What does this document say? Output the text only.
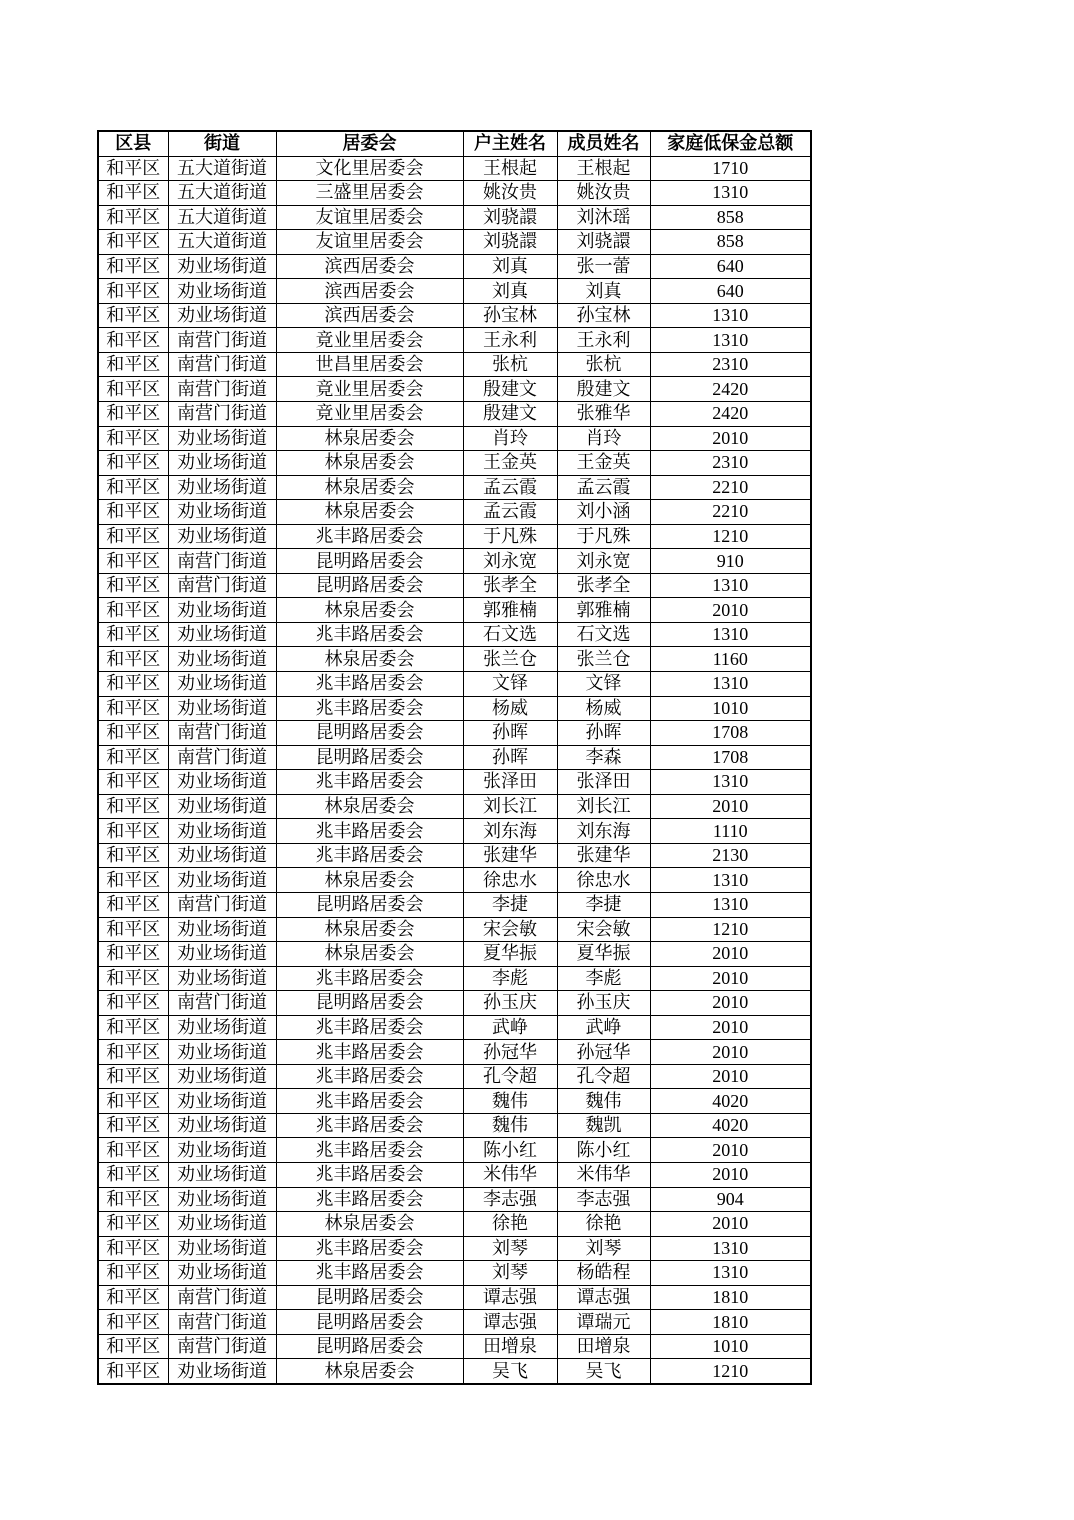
区县	街道	居委会	户主姓名	成员姓名	家庭低保金总额
和平区	五大道街道	文化里居委会	王根起	王根起	1710
和平区	五大道街道	三盛里居委会	姚汝贵	姚汝贵	1310
和平区	五大道街道	友谊里居委会	刘骁譞	刘沐瑶	858
和平区	五大道街道	友谊里居委会	刘骁譞	刘骁譞	858
和平区	劝业场街道	滨西居委会	刘真	张一蕾	640
和平区	劝业场街道	滨西居委会	刘真	刘真	640
和平区	劝业场街道	滨西居委会	孙宝林	孙宝林	1310
和平区	南营门街道	竟业里居委会	王永利	王永利	1310
和平区	南营门街道	世昌里居委会	张杭	张杭	2310
和平区	南营门街道	竟业里居委会	殷建文	殷建文	2420
和平区	南营门街道	竟业里居委会	殷建文	张雅华	2420
和平区	劝业场街道	林泉居委会	肖玲	肖玲	2010
和平区	劝业场街道	林泉居委会	王金英	王金英	2310
和平区	劝业场街道	林泉居委会	孟云霞	孟云霞	2210
和平区	劝业场街道	林泉居委会	孟云霞	刘小涵	2210
和平区	劝业场街道	兆丰路居委会	于凡殊	于凡殊	1210
和平区	南营门街道	昆明路居委会	刘永宽	刘永宽	910
和平区	南营门街道	昆明路居委会	张孝全	张孝全	1310
和平区	劝业场街道	林泉居委会	郭雅楠	郭雅楠	2010
和平区	劝业场街道	兆丰路居委会	石文选	石文选	1310
和平区	劝业场街道	林泉居委会	张兰仓	张兰仓	1160
和平区	劝业场街道	兆丰路居委会	文铎	文铎	1310
和平区	劝业场街道	兆丰路居委会	杨威	杨威	1010
和平区	南营门街道	昆明路居委会	孙晖	孙晖	1708
和平区	南营门街道	昆明路居委会	孙晖	李森	1708
和平区	劝业场街道	兆丰路居委会	张泽田	张泽田	1310
和平区	劝业场街道	林泉居委会	刘长江	刘长江	2010
和平区	劝业场街道	兆丰路居委会	刘东海	刘东海	1110
和平区	劝业场街道	兆丰路居委会	张建华	张建华	2130
和平区	劝业场街道	林泉居委会	徐忠水	徐忠水	1310
和平区	南营门街道	昆明路居委会	李捷	李捷	1310
和平区	劝业场街道	林泉居委会	宋会敏	宋会敏	1210
和平区	劝业场街道	林泉居委会	夏华振	夏华振	2010
和平区	劝业场街道	兆丰路居委会	李彪	李彪	2010
和平区	南营门街道	昆明路居委会	孙玉庆	孙玉庆	2010
和平区	劝业场街道	兆丰路居委会	武峥	武峥	2010
和平区	劝业场街道	兆丰路居委会	孙冠华	孙冠华	2010
和平区	劝业场街道	兆丰路居委会	孔令超	孔令超	2010
和平区	劝业场街道	兆丰路居委会	魏伟	魏伟	4020
和平区	劝业场街道	兆丰路居委会	魏伟	魏凯	4020
和平区	劝业场街道	兆丰路居委会	陈小红	陈小红	2010
和平区	劝业场街道	兆丰路居委会	米伟华	米伟华	2010
和平区	劝业场街道	兆丰路居委会	李志强	李志强	904
和平区	劝业场街道	林泉居委会	徐艳	徐艳	2010
和平区	劝业场街道	兆丰路居委会	刘琴	刘琴	1310
和平区	劝业场街道	兆丰路居委会	刘琴	杨皓程	1310
和平区	南营门街道	昆明路居委会	谭志强	谭志强	1810
和平区	南营门街道	昆明路居委会	谭志强	谭瑞元	1810
和平区	南营门街道	昆明路居委会	田增泉	田增泉	1010
和平区	劝业场街道	林泉居委会	吴飞	吴飞	1210
